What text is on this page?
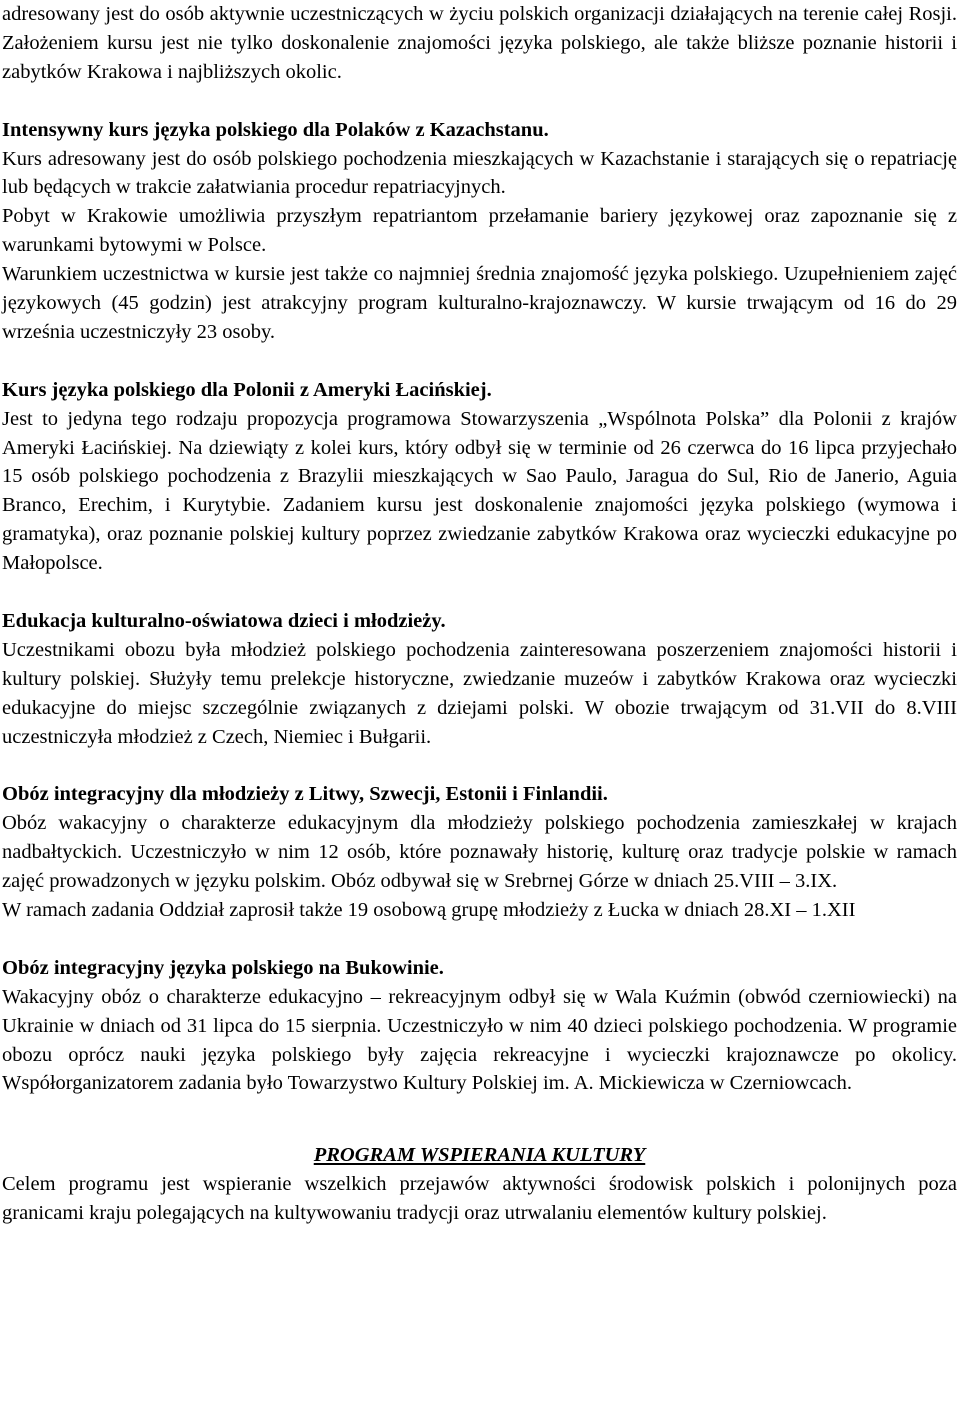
adresowany jest do osób aktywnie uczestniczących w życiu polskich organizacji działających na terenie całej Rosji. Założeniem kursu jest nie tylko doskonalenie znajomości języka polskiego, ale także bliższe poznanie historii i zabytków Krakowa i najbliższych okolic.

Intensywny kurs języka polskiego dla Polaków z Kazachstanu.

Kurs adresowany jest do osób polskiego pochodzenia mieszkających w Kazachstanie i starających się o repatriację lub będących w trakcie załatwiania procedur repatriacyjnych.

Pobyt w Krakowie umożliwia przyszłym repatriantom przełamanie bariery językowej oraz zapoznanie się z warunkami bytowymi w Polsce.

Warunkiem uczestnictwa w kursie jest także co najmniej średnia znajomość języka polskiego. Uzupełnieniem zajęć językowych (45 godzin) jest atrakcyjny program kulturalno-krajoznawczy. W kursie trwającym od 16 do 29 września uczestniczyły 23 osoby.

Kurs języka polskiego dla Polonii z Ameryki Łacińskiej.

Jest to jedyna tego rodzaju propozycja programowa Stowarzyszenia „Wspólnota Polska” dla Polonii z krajów Ameryki Łacińskiej. Na dziewiąty z kolei kurs, który odbył się w terminie od 26 czerwca do 16 lipca przyjechało 15 osób polskiego pochodzenia z Brazylii mieszkających w Sao Paulo, Jaragua do Sul, Rio de Janerio, Aguia Branco, Erechim, i Kurytybie. Zadaniem kursu jest doskonalenie znajomości języka polskiego (wymowa i gramatyka), oraz poznanie polskiej kultury poprzez zwiedzanie zabytków Krakowa oraz wycieczki edukacyjne po Małopolsce.

Edukacja kulturalno-oświatowa dzieci i młodzieży.

Uczestnikami obozu była młodzież polskiego pochodzenia zainteresowana poszerzeniem znajomości historii i kultury polskiej. Służyły temu prelekcje historyczne, zwiedzanie muzeów i zabytków Krakowa oraz wycieczki edukacyjne do miejsc szczególnie związanych z dziejami polski. W obozie trwającym od 31.VII do 8.VIII uczestniczyła młodzież z Czech, Niemiec i Bułgarii.

Obóz integracyjny dla młodzieży z Litwy, Szwecji, Estonii i Finlandii.

Obóz wakacyjny o charakterze edukacyjnym dla młodzieży polskiego pochodzenia zamieszkałej w krajach nadbałtyckich. Uczestniczyło w nim 12 osób, które poznawały historię, kulturę oraz tradycje polskie w ramach zajęć prowadzonych w języku polskim. Obóz odbywał się w Srebrnej Górze w dniach 25.VIII – 3.IX.

W ramach zadania Oddział zaprosił także 19 osobową grupę młodzieży z Łucka w dniach 28.XI – 1.XII

Obóz integracyjny języka polskiego na Bukowinie.

Wakacyjny obóz o charakterze edukacyjno – rekreacyjnym odbył się w Wala Kuźmin (obwód czerniowiecki) na Ukrainie w dniach od 31 lipca do 15 sierpnia. Uczestniczyło w nim 40 dzieci polskiego pochodzenia. W programie obozu oprócz nauki języka polskiego były zajęcia rekreacyjne i wycieczki krajoznawcze po okolicy. Współorganizatorem zadania było Towarzystwo Kultury Polskiej im. A. Mickiewicza w Czerniowcach.

PROGRAM WSPIERANIA KULTURY

Celem programu jest wspieranie wszelkich przejawów aktywności środowisk polskich i polonijnych poza granicami kraju polegających na kultywowaniu tradycji oraz utrwalaniu elementów kultury polskiej.
